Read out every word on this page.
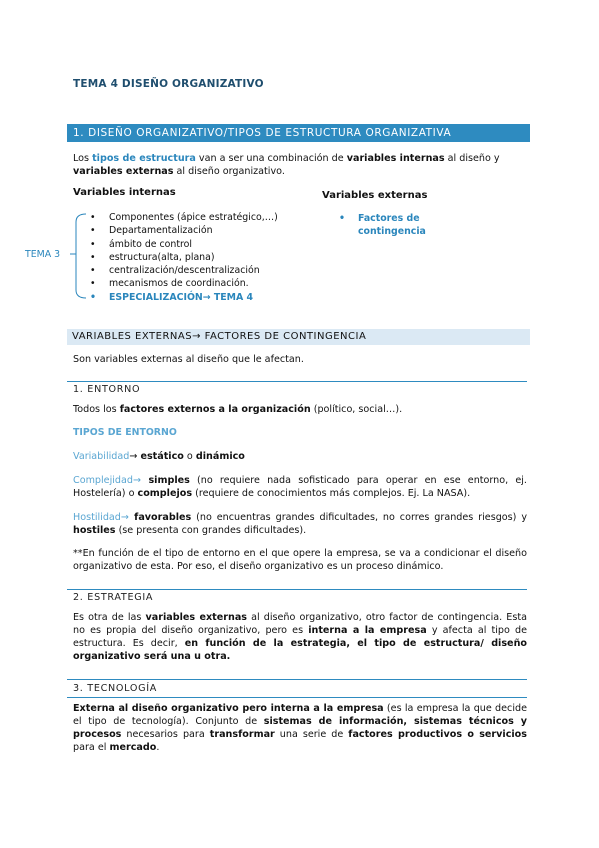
TEMA 4 DISEÑO ORGANIZATIVO
1. DISEÑO ORGANIZATIVO/TIPOS DE ESTRUCTURA ORGANIZATIVA
Los tipos de estructura van a ser una combinación de variables internas al diseño y variables externas al diseño organizativo.
Variables internas	Variables externas
TEMA 3
• Componentes (ápice estratégico,…)
• Departamentalización
• ámbito de control
• estructura(alta, plana)
• centralización/descentralización
• mecanismos de coordinación.
• ESPECIALIZACIÓN→ TEMA 4
• Factores de
contingencia
VARIABLES EXTERNAS→ FACTORES DE CONTINGENCIA
Son variables externas al diseño que le afectan.
1. ENTORNO
Todos los factores externos a la organización (político, social…).
TIPOS DE ENTORNO
Variabilidad→ estático o dinámico
Complejidad→ simples (no requiere nada sofisticado para operar en ese entorno, ej. Hostelería) o complejos (requiere de conocimientos más complejos. Ej. La NASA).
Hostilidad→ favorables (no encuentras grandes dificultades, no corres grandes riesgos) y hostiles (se presenta con grandes dificultades).
**En función de el tipo de entorno en el que opere la empresa, se va a condicionar el diseño organizativo de esta. Por eso, el diseño organizativo es un proceso dinámico.
2. ESTRATEGIA
Es otra de las variables externas al diseño organizativo, otro factor de contingencia. Esta no es propia del diseño organizativo, pero es interna a la empresa y afecta al tipo de estructura. Es decir, en función de la estrategia, el tipo de estructura/ diseño organizativo será una u otra.
3. TECNOLOGÍA
Externa al diseño organizativo pero interna a la empresa (es la empresa la que decide el tipo de tecnología). Conjunto de sistemas de información, sistemas técnicos y procesos necesarios para transformar una serie de factores productivos o servicios para el mercado.
